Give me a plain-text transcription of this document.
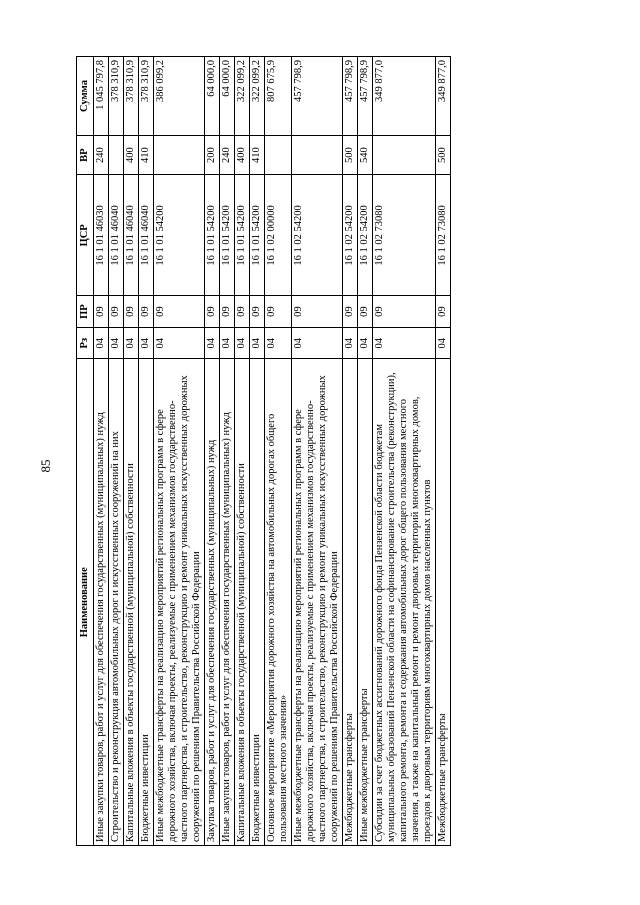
85
Наименование	Рз	ПР	ЦСР	ВР	Сумма
Иные закупки товаров, работ и услуг для обеспечения государственных (муниципальных) нужд	04	09	16 1 01 46030	240	1 045 797,8
Строительство и реконструкция автомобильных дорог и искусственных сооружений на них	04	09	16 1 01 46040		378 310,9
Капитальные вложения в объекты государственной (муниципальной) собственности	04	09	16 1 01 46040	400	378 310,9
Бюджетные инвестиции	04	09	16 1 01 46040	410	378 310,9
Иные межбюджетные трансферты на реализацию мероприятий региональных программ в сфере дорожного хозяйства, включая проекты, реализуемые с применением механизмов государственно-частного партнерства, и строительство, реконструкцию и ремонт уникальных искусственных дорожных сооружений по решениям Правительства Российской Федерации	04	09	16 1 01 54200		386 099,2
Закупка товаров, работ и услуг для обеспечения государственных (муниципальных) нужд	04	09	16 1 01 54200	200	64 000,0
Иные закупки товаров, работ и услуг для обеспечения государственных (муниципальных) нужд	04	09	16 1 01 54200	240	64 000,0
Капитальные вложения в объекты государственной (муниципальной) собственности	04	09	16 1 01 54200	400	322 099,2
Бюджетные инвестиции	04	09	16 1 01 54200	410	322 099,2
Основное мероприятие «Мероприятия дорожного хозяйства на автомобильных дорогах общего пользования местного значения»	04	09	16 1 02 00000		807 675,9
Иные межбюджетные трансферты на реализацию мероприятий региональных программ в сфере дорожного хозяйства, включая проекты, реализуемые с применением механизмов государственно-частного партнерства, и строительство, реконструкцию и ремонт уникальных искусственных дорожных сооружений по решениям Правительства Российской Федерации	04	09	16 1 02 54200		457 798,9
Межбюджетные трансферты	04	09	16 1 02 54200	500	457 798,9
Иные межбюджетные трансферты	04	09	16 1 02 54200	540	457 798,9
Субсидии за счет бюджетных ассигнований дорожного фонда Пензенской области бюджетам муниципальных образований Пензенской области на софинансирование строительства (реконструкции), капитального ремонта, ремонта и содержания автомобильных дорог общего пользования местного значения, а также на капитальный ремонт и ремонт дворовых территорий многоквартирных домов, проездов к дворовым территориям многоквартирных домов населенных пунктов	04	09	16 1 02 73080		349 877,0
Межбюджетные трансферты	04	09	16 1 02 73080	500	349 877,0
